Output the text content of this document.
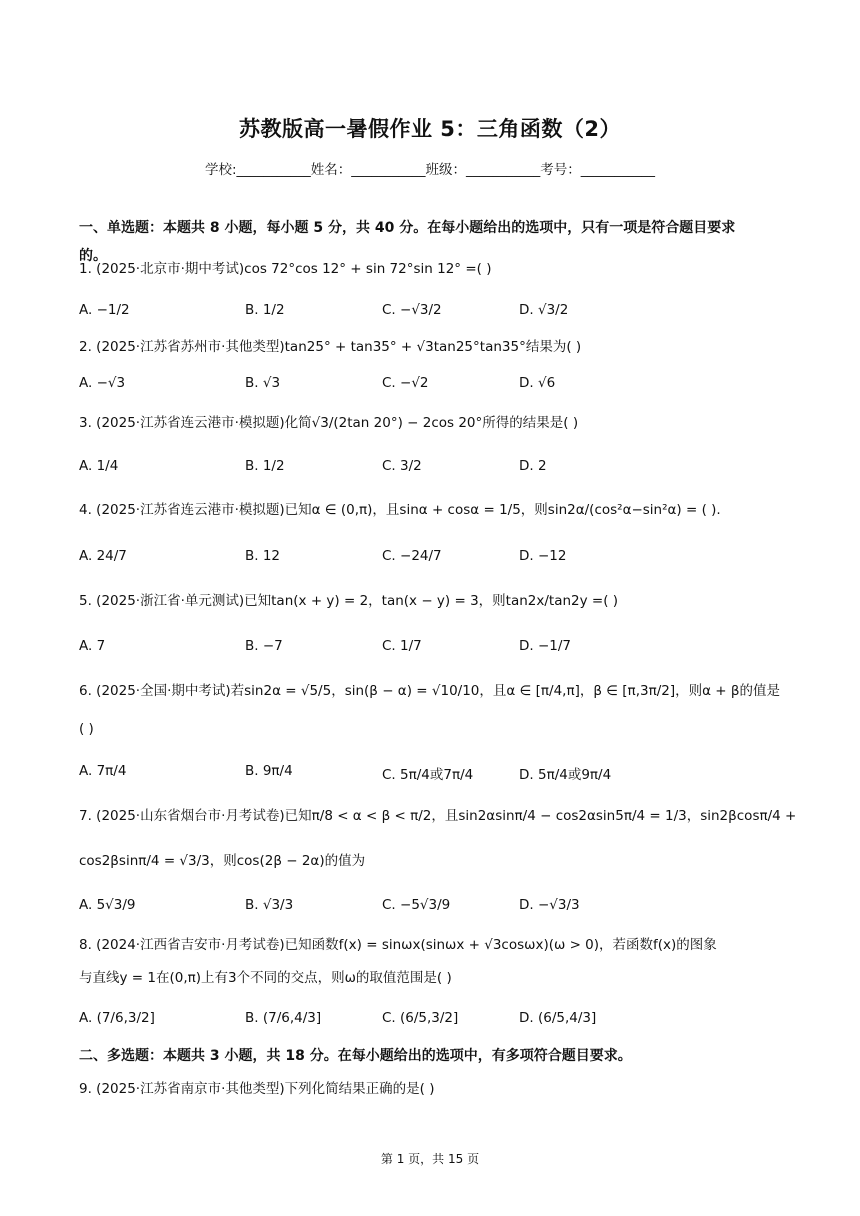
苏教版高一暑假作业 5：三角函数（2）
学校:___________姓名：___________班级：___________考号：___________
一、单选题：本题共 8 小题，每小题 5 分，共 40 分。在每小题给出的选项中，只有一项是符合题目要求
的。
1. (2025·北京市·期中考试)cos 72°cos 12° + sin 72°sin 12° =( )
A. −1/2	B. 1/2	C. −√3/2	D. √3/2
2. (2025·江苏省苏州市·其他类型)tan25° + tan35° + √3tan25°tan35°结果为( )
A. −√3	B. √3	C. −√2	D. √6
3. (2025·江苏省连云港市·模拟题)化简√3/(2tan 20°) − 2cos 20°所得的结果是( )
A. 1/4	B. 1/2	C. 3/2	D. 2
4. (2025·江苏省连云港市·模拟题)已知α ∈ (0,π)，且sinα + cosα = 1/5，则sin2α/(cos²α−sin²α) = ( ).
A. 24/7	B. 12	C. −24/7	D. −12
5. (2025·浙江省·单元测试)已知tan(x + y) = 2，tan(x − y) = 3，则tan2x/tan2y =( )
A. 7	B. −7	C. 1/7	D. −1/7
6. (2025·全国·期中考试)若sin2α = √5/5，sin(β − α) = √10/10，且α ∈ [π/4,π]，β ∈ [π,3π/2]，则α + β的值是
( )
A. 7π/4	B. 9π/4	C. 5π/4或7π/4	D. 5π/4或9π/4
7. (2025·山东省烟台市·月考试卷)已知π/8 < α < β < π/2，且sin2αsinπ/4 − cos2αsin5π/4 = 1/3，sin2βcosπ/4 +
cos2βsinπ/4 = √3/3，则cos(2β − 2α)的值为
A. 5√3/9	B. √3/3	C. −5√3/9	D. −√3/3
8. (2024·江西省吉安市·月考试卷)已知函数f(x) = sinωx(sinωx + √3cosωx)(ω > 0)，若函数f(x)的图象
与直线y = 1在(0,π)上有3个不同的交点，则ω的取值范围是( )
A. (7/6,3/2]	B. (7/6,4/3]	C. (6/5,3/2]	D. (6/5,4/3]
二、多选题：本题共 3 小题，共 18 分。在每小题给出的选项中，有多项符合题目要求。
9. (2025·江苏省南京市·其他类型)下列化简结果正确的是( )
第 1 页，共 15 页
